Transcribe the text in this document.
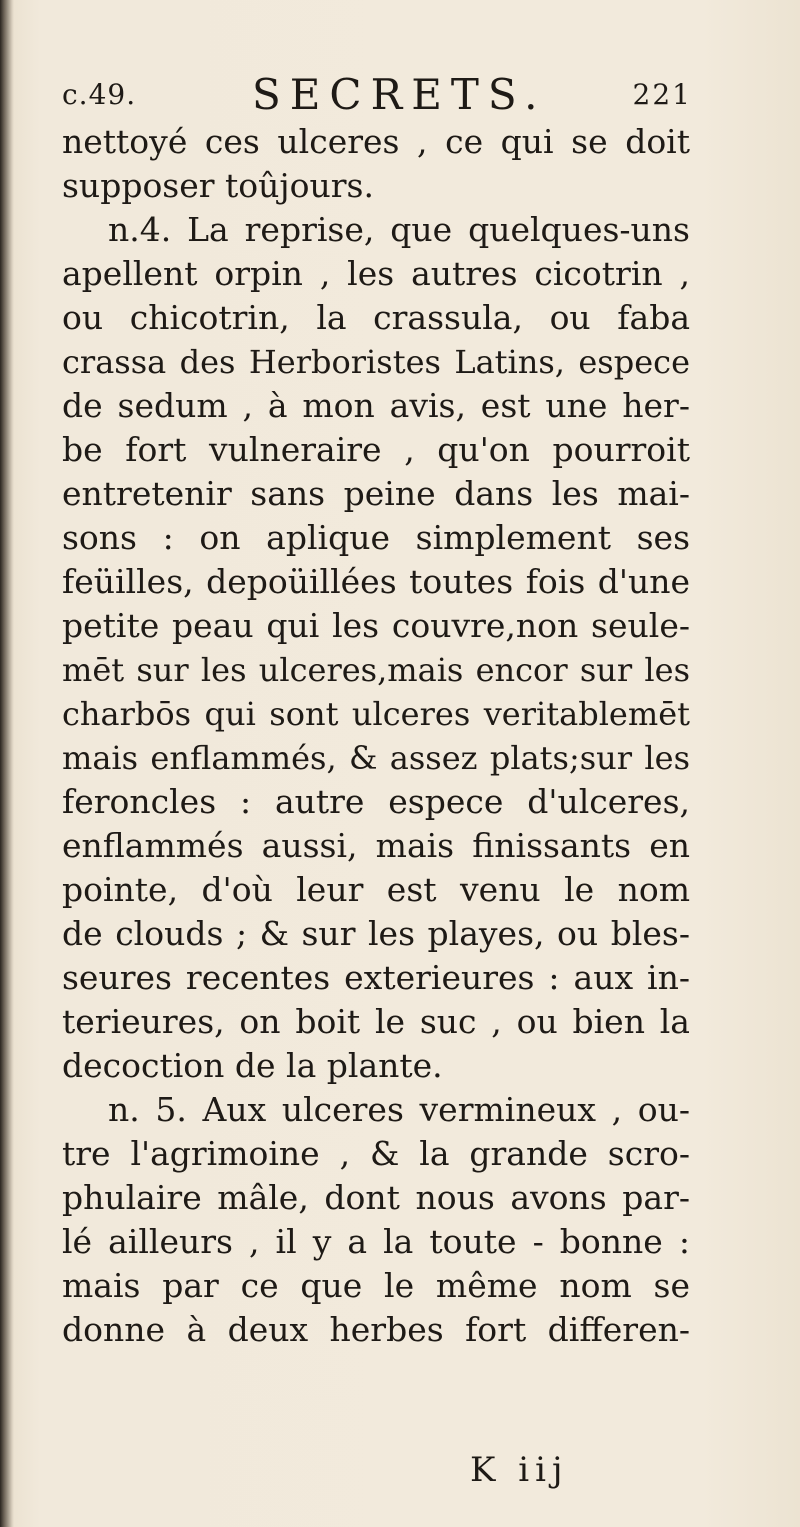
c.49.	SECRETS.	221
nettoyé ces ulceres , ce qui se doit
supposer toûjours.
n.4. La reprise, que quelques-uns
apellent orpin , les autres cicotrin ,
ou chicotrin, la crassula, ou faba
crassa des Herboristes Latins, espece
de sedum , à mon avis, est une her-
be fort vulneraire , qu'on pourroit
entretenir sans peine dans les mai-
sons : on aplique simplement ses
feüilles, depoüillées toutes fois d'une
petite peau qui les couvre,non seule-
mēt sur les ulceres,mais encor sur les
charbōs qui sont ulceres veritablemēt
mais enflammés, & assez plats;sur les
feroncles : autre espece d'ulceres,
enflammés aussi, mais finissants en
pointe, d'où leur est venu le nom
de clouds ; & sur les playes, ou bles-
seures recentes exterieures : aux in-
terieures, on boit le suc , ou bien la
decoction de la plante.
n. 5. Aux ulceres vermineux , ou-
tre l'agrimoine , & la grande scro-
phulaire mâle, dont nous avons par-
lé ailleurs , il y a la toute - bonne :
mais par ce que le même nom se
donne à deux herbes fort differen-
K iij
